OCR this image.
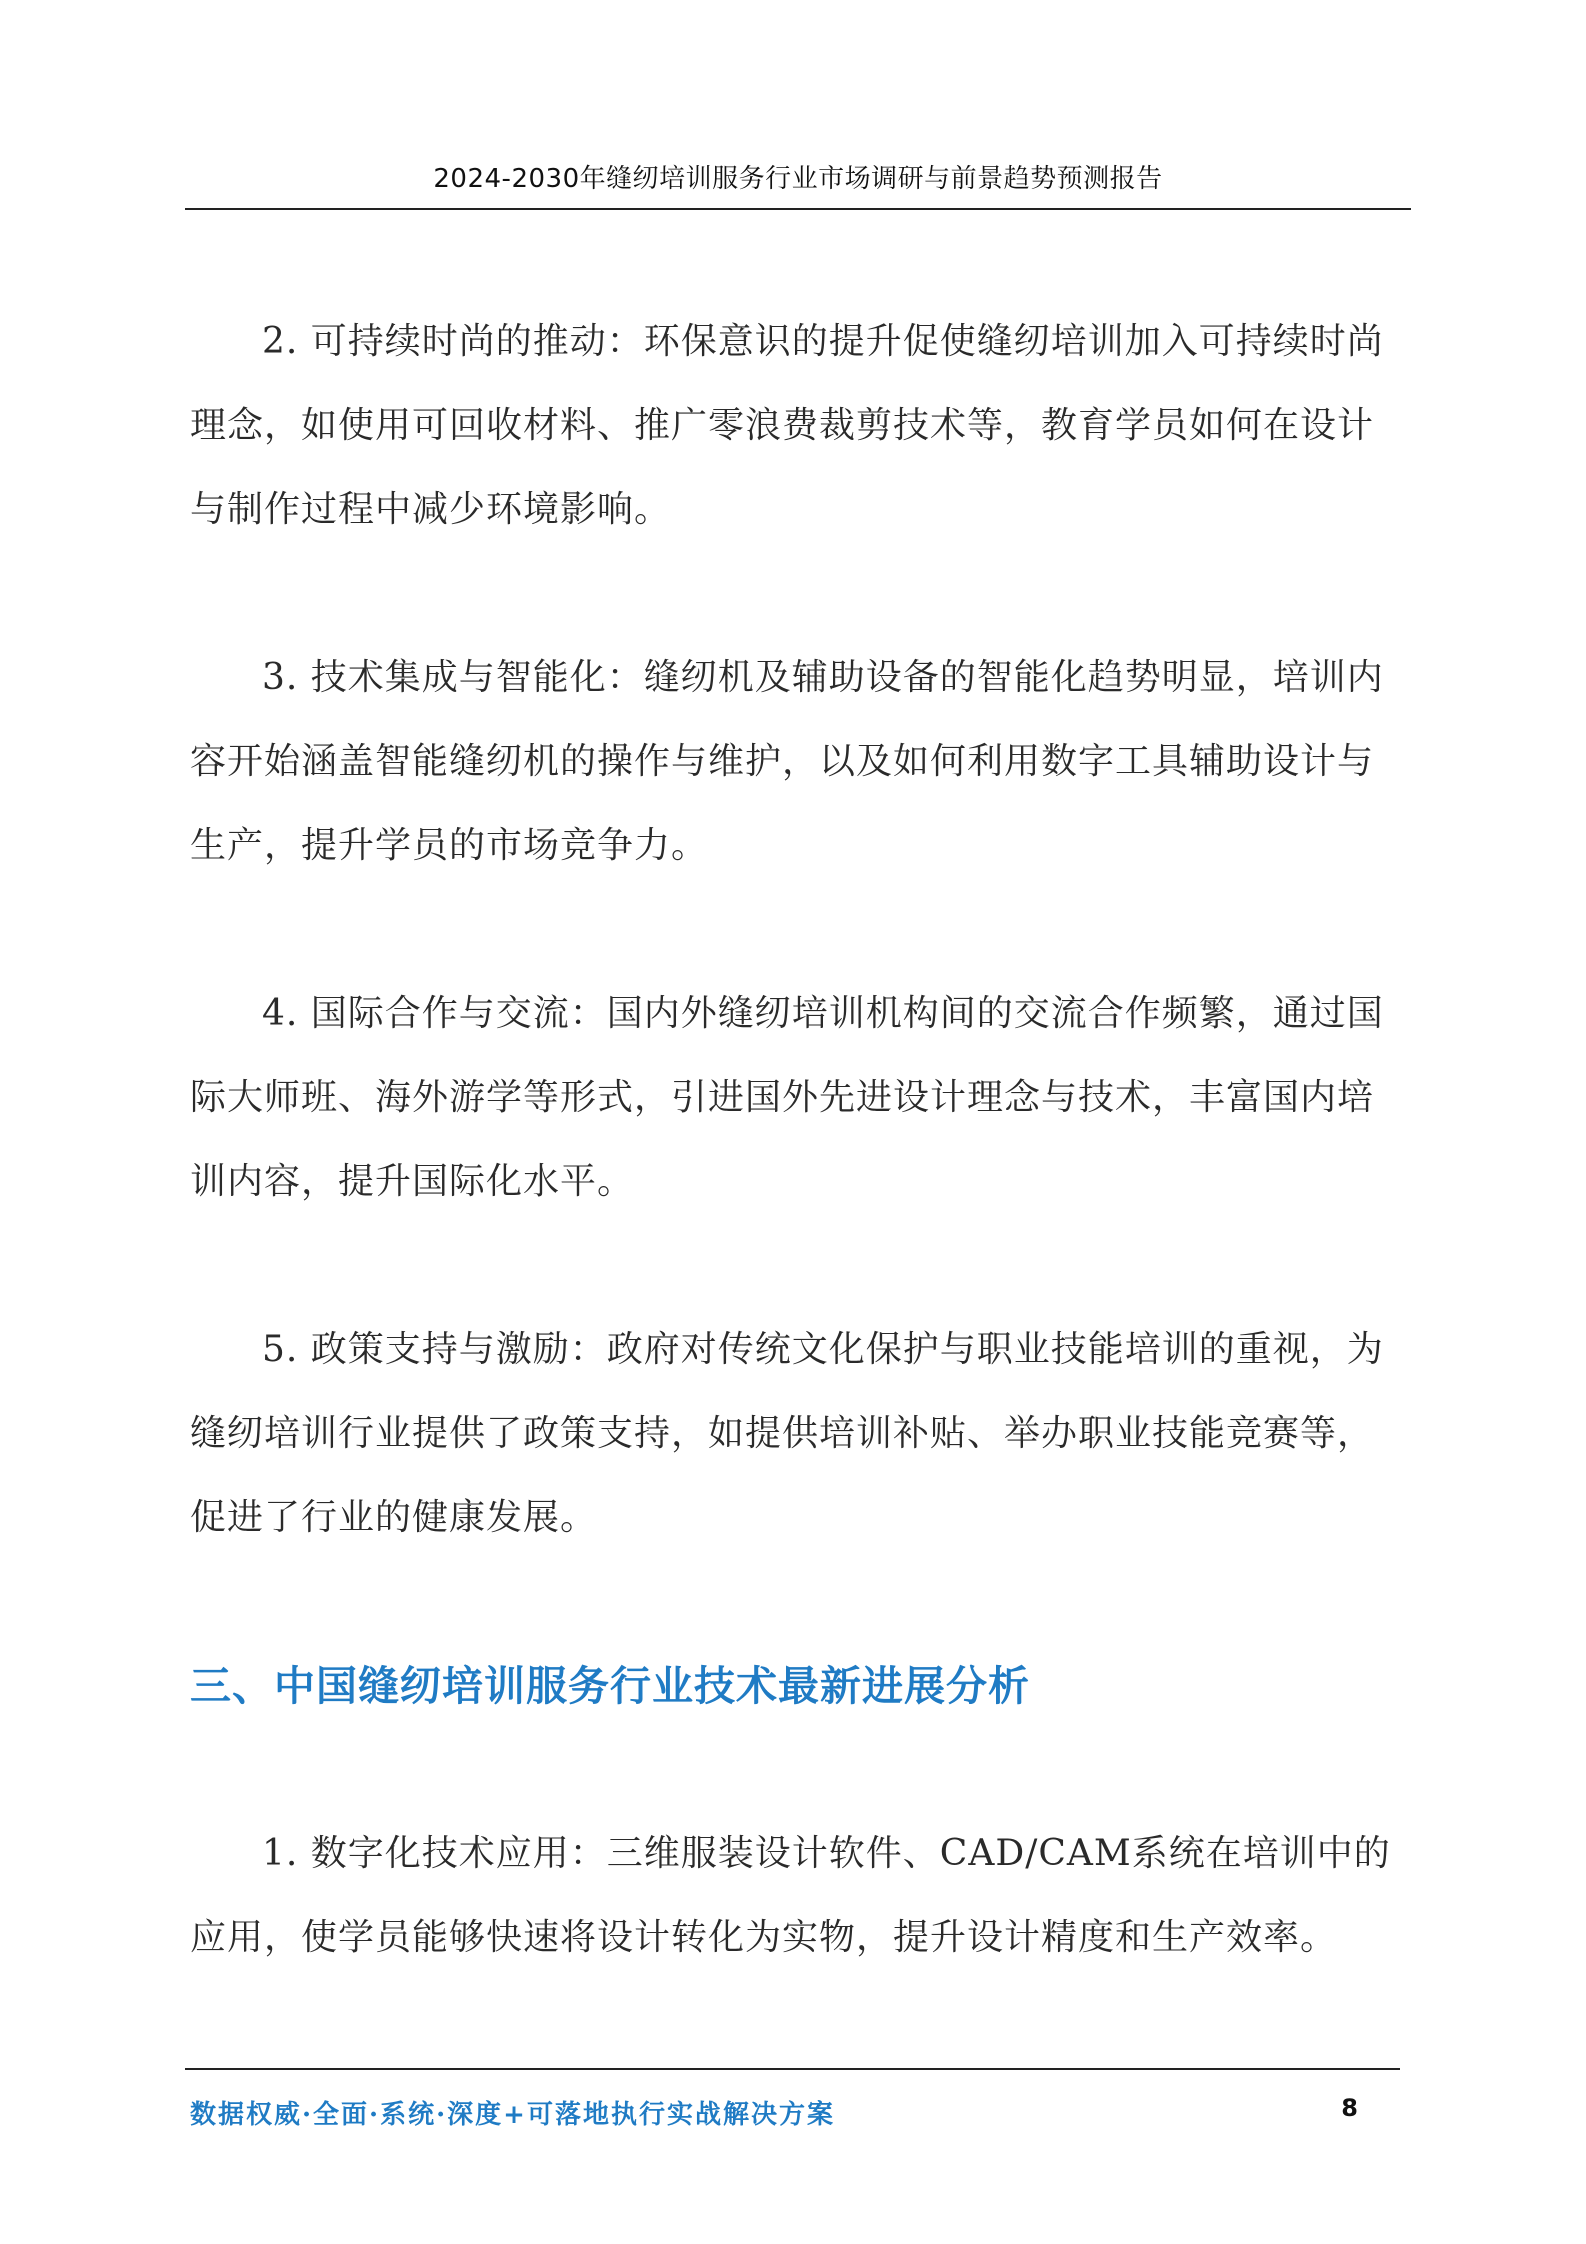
2024-2030年缝纫培训服务行业市场调研与前景趋势预测报告

2. 可持续时尚的推动：环保意识的提升促使缝纫培训加入可持续时尚理念，如使用可回收材料、推广零浪费裁剪技术等，教育学员如何在设计与制作过程中减少环境影响。

3. 技术集成与智能化：缝纫机及辅助设备的智能化趋势明显，培训内容开始涵盖智能缝纫机的操作与维护，以及如何利用数字工具辅助设计与生产，提升学员的市场竞争力。

4. 国际合作与交流：国内外缝纫培训机构间的交流合作频繁，通过国际大师班、海外游学等形式，引进国外先进设计理念与技术，丰富国内培训内容，提升国际化水平。

5. 政策支持与激励：政府对传统文化保护与职业技能培训的重视，为缝纫培训行业提供了政策支持，如提供培训补贴、举办职业技能竞赛等，促进了行业的健康发展。

三、中国缝纫培训服务行业技术最新进展分析

1. 数字化技术应用：三维服装设计软件、CAD/CAM系统在培训中的应用，使学员能够快速将设计转化为实物，提升设计精度和生产效率。

数据权威·全面·系统·深度+可落地执行实战解决方案	8
